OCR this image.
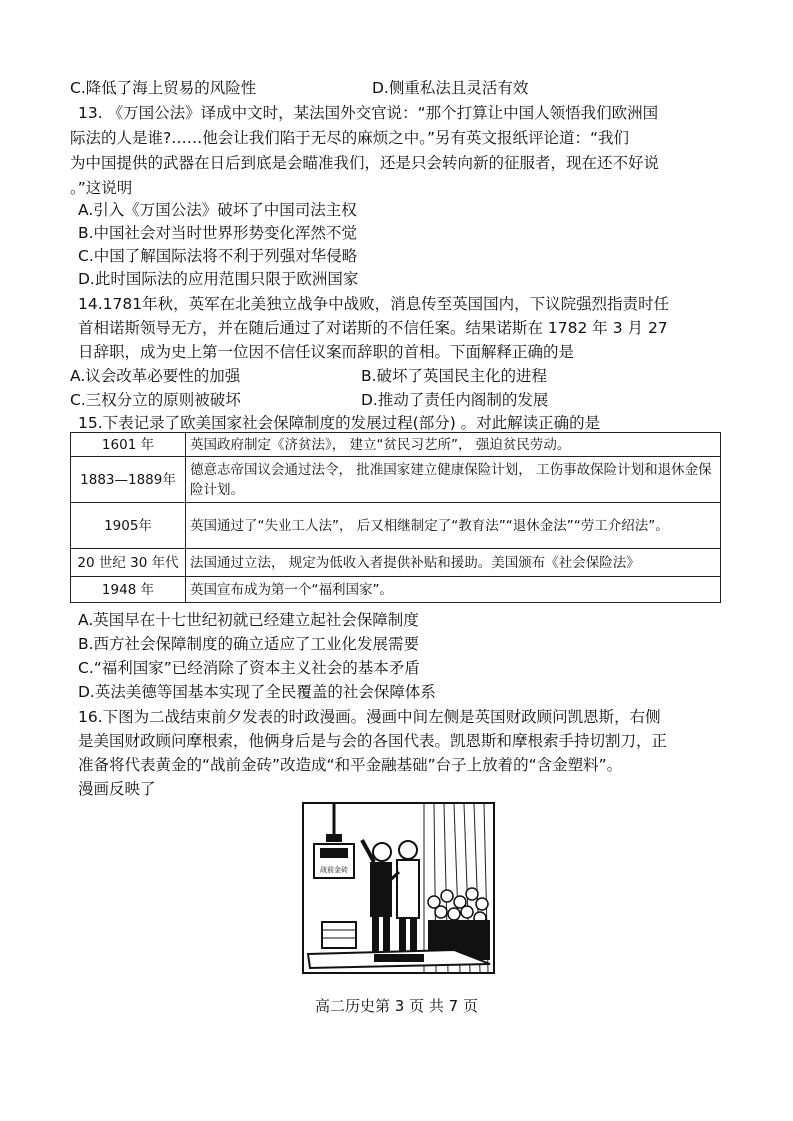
C.降低了海上贸易的风险性	D.侧重私法且灵活有效
13. 《万国公法》译成中文时，某法国外交官说：“那个打算让中国人领悟我们欧洲国
际法的人是谁?……他会让我们陷于无尽的麻烦之中。”另有英文报纸评论道：“我们
为中国提供的武器在日后到底是会瞄准我们，还是只会转向新的征服者，现在还不好说
。”这说明
A.引入《万国公法》破坏了中国司法主权
B.中国社会对当时世界形势变化浑然不觉
C.中国了解国际法将不利于列强对华侵略
D.此时国际法的应用范围只限于欧洲国家
14.1781年秋，英军在北美独立战争中战败，消息传至英国国内，下议院强烈指责时任
首相诺斯领导无方，并在随后通过了对诺斯的不信任案。结果诺斯在 1782 年 3 月 27
日辞职，成为史上第一位因不信任议案而辞职的首相。下面解释正确的是
A.议会改革必要性的加强	B.破坏了英国民主化的进程
C.三权分立的原则被破坏	D.推动了责任内阁制的发展
15.下表记录了欧美国家社会保障制度的发展过程(部分) 。对此解读正确的是
1601 年	英国政府制定《济贫法》， 建立“贫民习艺所”， 强迫贫民劳动。
1883—1889年	德意志帝国议会通过法令， 批准国家建立健康保险计划， 工伤事故保险计划和退休金保险计划。
1905年	英国通过了“失业工人法”， 后又相继制定了“教育法”“退休金法”“劳工介绍法”。
20 世纪 30 年代	法国通过立法， 规定为低收入者提供补贴和援助。美国颁布《社会保险法》
1948 年	英国宣布成为第一个“福利国家”。
A.英国早在十七世纪初就已经建立起社会保障制度
B.西方社会保障制度的确立适应了工业化发展需要
C.“福利国家”已经消除了资本主义社会的基本矛盾
D.英法美德等国基本实现了全民覆盖的社会保障体系
16.下图为二战结束前夕发表的时政漫画。漫画中间左侧是英国财政顾问凯恩斯，右侧
是美国财政顾问摩根索，他俩身后是与会的各国代表。凯恩斯和摩根索手持切割刀，正
准备将代表黄金的“战前金砖”改造成“和平金融基础”台子上放着的“含金塑料”。
漫画反映了
战前金砖
高二历史第 3 页 共 7 页
